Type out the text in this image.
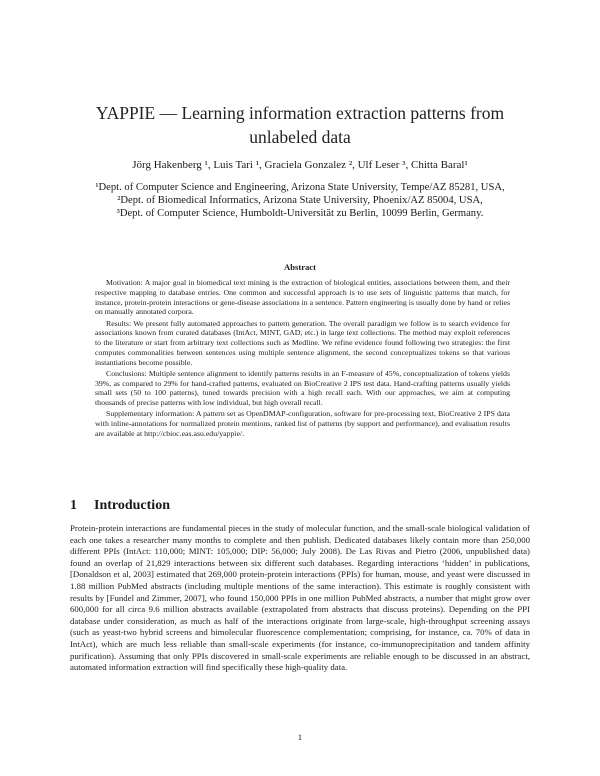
YAPPIE — Learning information extraction patterns from unlabeled data
Jörg Hakenberg ¹, Luis Tari ¹, Graciela Gonzalez ², Ulf Leser ³, Chitta Baral¹
¹Dept. of Computer Science and Engineering, Arizona State University, Tempe/AZ 85281, USA,
²Dept. of Biomedical Informatics, Arizona State University, Phoenix/AZ 85004, USA,
³Dept. of Computer Science, Humboldt-Universität zu Berlin, 10099 Berlin, Germany.
Abstract

Motivation: A major goal in biomedical text mining is the extraction of biological entities, associations between them, and their respective mapping to database entries. One common and successful approach is to use sets of linguistic patterns that match, for instance, protein-protein interactions or gene-disease associations in a sentence. Pattern engineering is usually done by hand or relies on manually annotated corpora.

Results: We present fully automated approaches to pattern generation. The overall paradigm we follow is to search evidence for associations known from curated databases (IntAct, MINT, GAD, etc.) in large text collections. The method may exploit references to the literature or start from arbitrary text collections such as Medline. We refine evidence found following two strategies: the first computes commonalities between sentences using multiple sentence alignment, the second conceptualizes tokens so that various instantiations become possible.

Conclusions: Multiple sentence alignment to identify patterns results in an F-measure of 45%, conceptualization of tokens yields 39%, as compared to 29% for hand-crafted patterns, evaluated on BioCreative 2 IPS test data. Hand-crafting patterns usually yields small sets (50 to 100 patterns), tuned towards precision with a high recall each. With our approaches, we aim at computing thousands of precise patterns with low individual, but high overall recall.

Supplementary information: A pattern set as OpenDMAP-configuration, software for pre-processing text, BioCreative 2 IPS data with inline-annotations for normalized protein mentions, ranked list of patterns (by support and performance), and evaluation results are available at http://cbioc.eas.asu.edu/yappie/.

1 Introduction

Protein-protein interactions are fundamental pieces in the study of molecular function, and the small-scale biological validation of each one takes a researcher many months to complete and then publish. Dedicated databases likely contain more than 250,000 different PPIs (IntAct: 110,000; MINT: 105,000; DIP: 56,000; July 2008). De Las Rivas and Pietro (2006, unpublished data) found an overlap of 21,829 interactions between six different such databases. Regarding interactions ‘hidden’ in publications, [Donaldson et al, 2003] estimated that 269,000 protein-protein interactions (PPIs) for human, mouse, and yeast were discussed in 1.88 million PubMed abstracts (including multiple mentions of the same interaction). This estimate is roughly consistent with results by [Fundel and Zimmer, 2007], who found 150,000 PPIs in one million PubMed abstracts, a number that might grow over 600,000 for all circa 9.6 million abstracts available (extrapolated from abstracts that discuss proteins). Depending on the PPI database under consideration, as much as half of the interactions originate from large-scale, high-throughput screening assays (such as yeast-two hybrid screens and bimolecular fluorescence complementation; comprising, for instance, ca. 70% of data in IntAct), which are much less reliable than small-scale experiments (for instance, co-immunoprecipitation and tandem affinity purification). Assuming that only PPIs discovered in small-scale experiments are reliable enough to be discussed in an abstract, automated information extraction will find specifically these high-quality data.

1
